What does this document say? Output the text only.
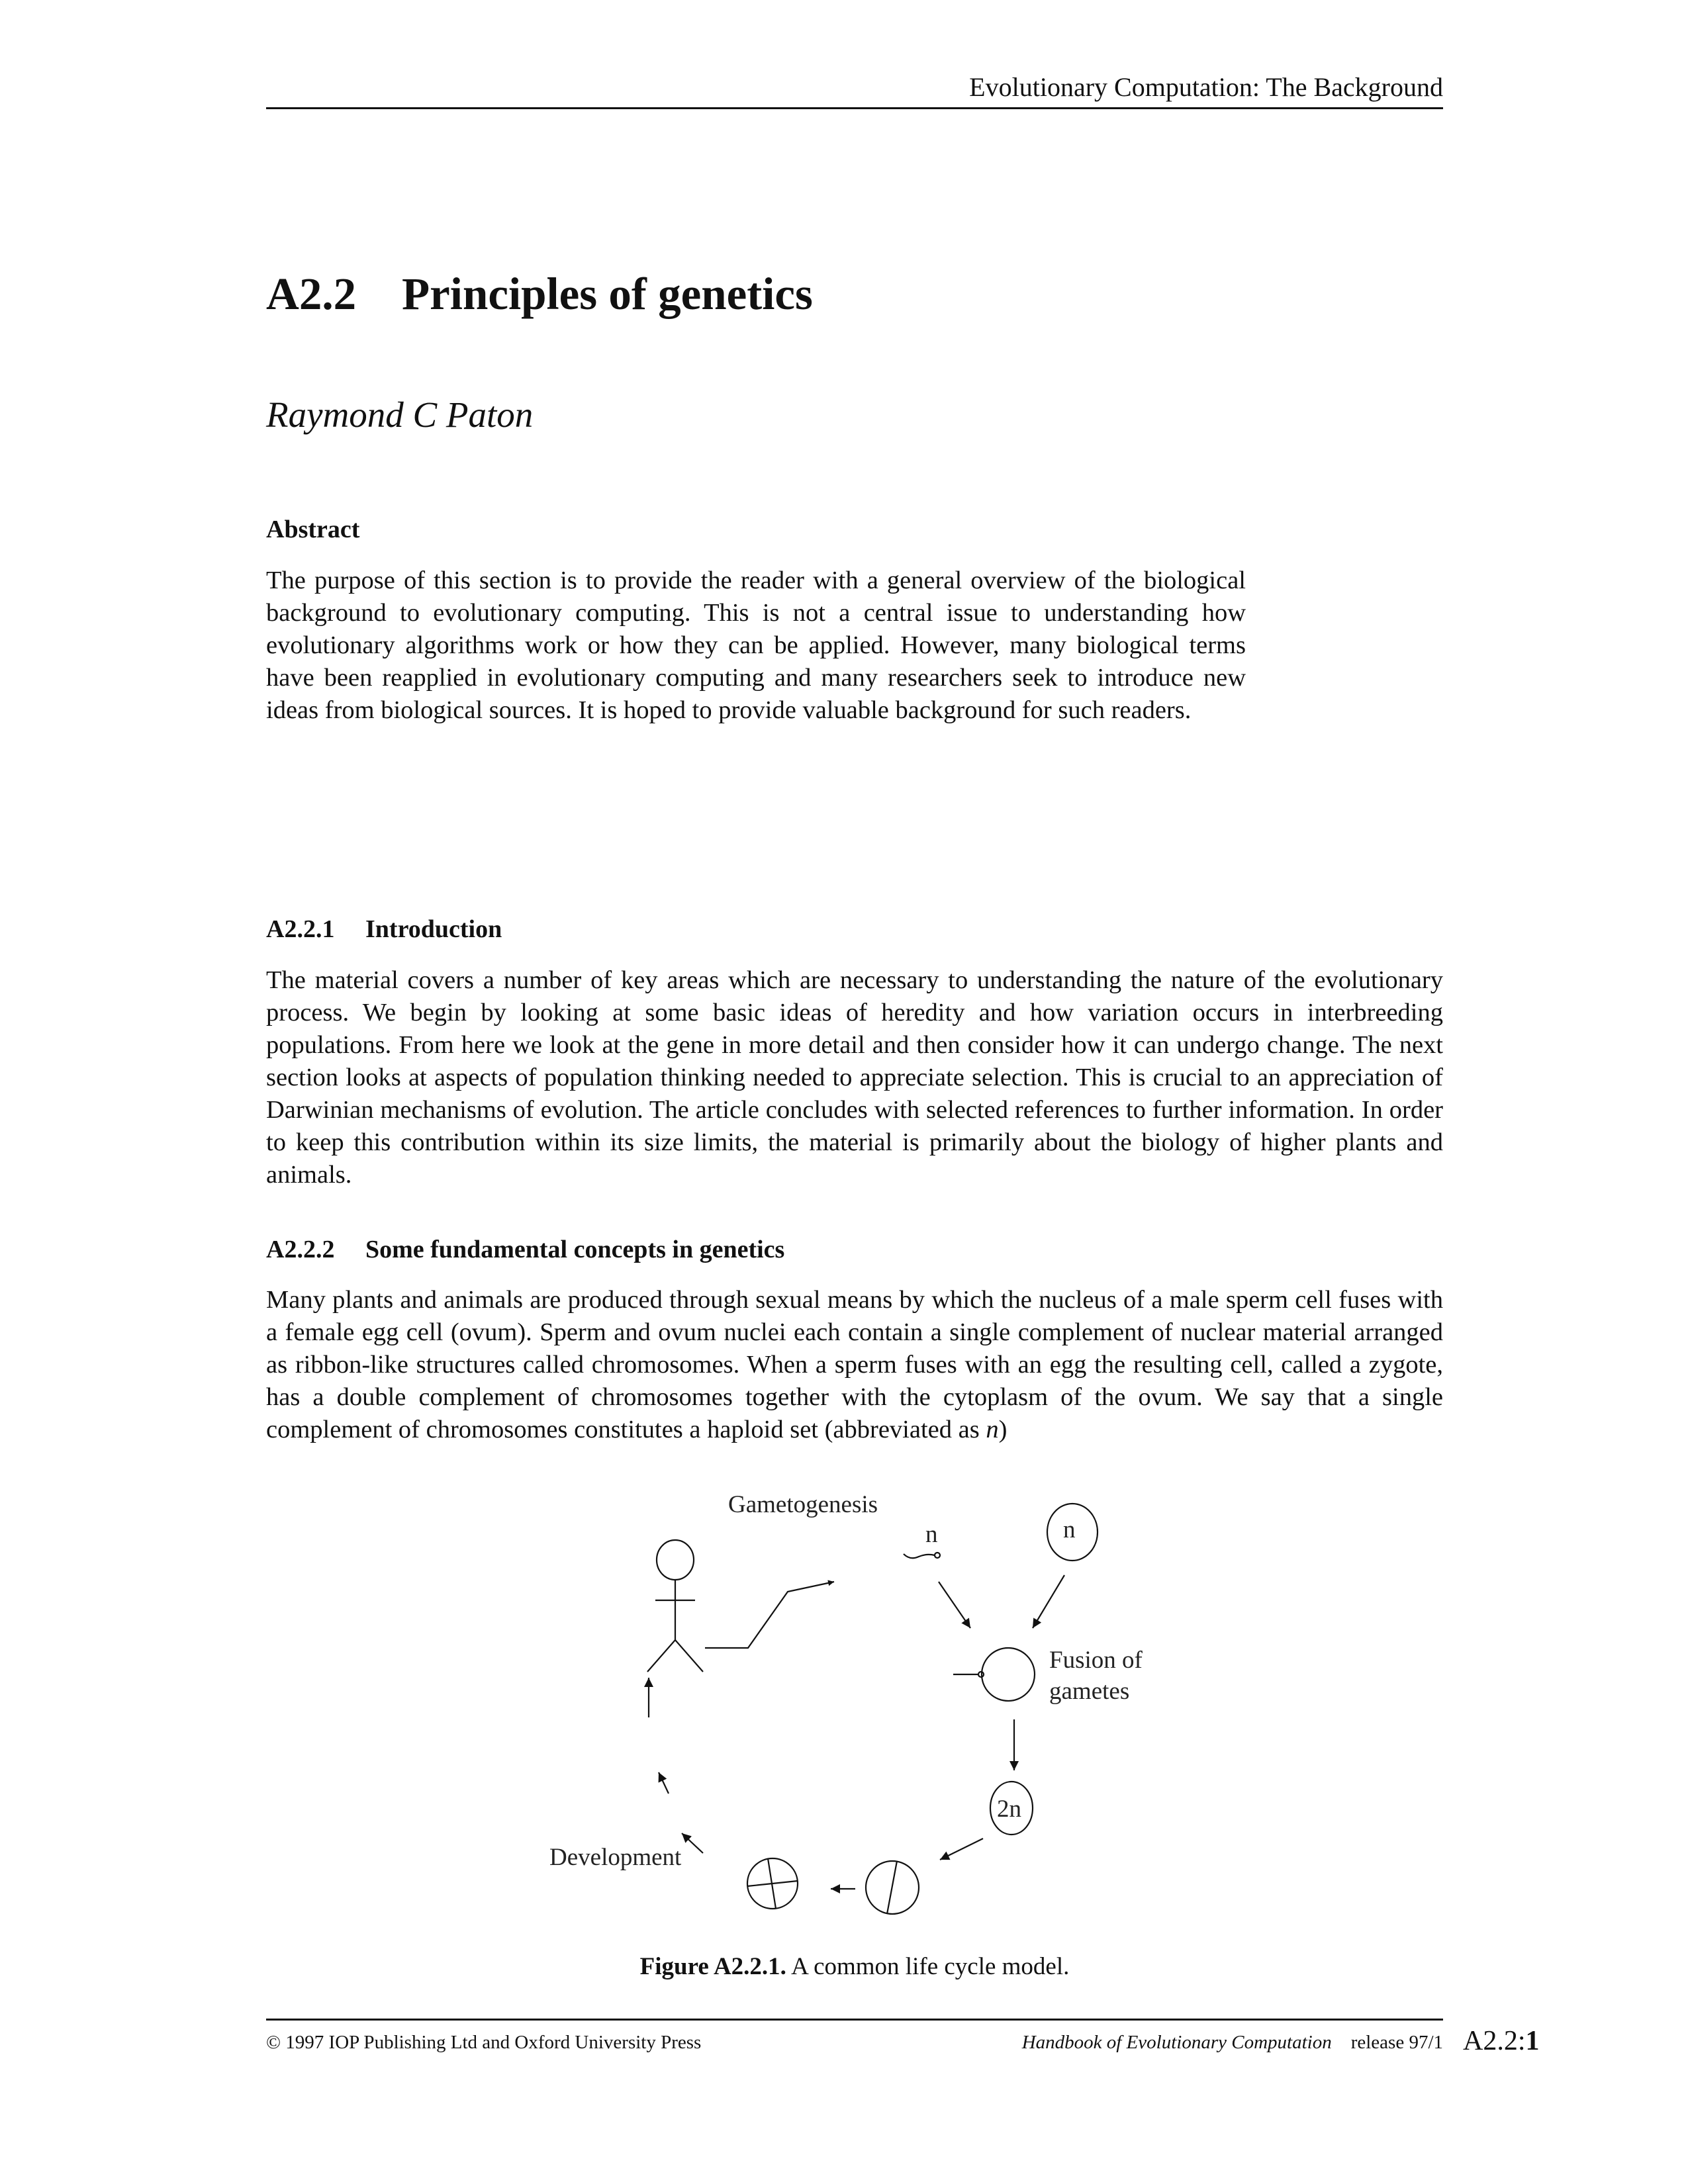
Evolutionary Computation: The Background
A2.2 Principles of genetics
Raymond C Paton
Abstract
The purpose of this section is to provide the reader with a general overview of the biological background to evolutionary computing. This is not a central issue to understanding how evolutionary algorithms work or how they can be applied. However, many biological terms have been reapplied in evolutionary computing and many researchers seek to introduce new ideas from biological sources. It is hoped to provide valuable background for such readers.
A2.2.1 Introduction
The material covers a number of key areas which are necessary to understanding the nature of the evolutionary process. We begin by looking at some basic ideas of heredity and how variation occurs in interbreeding populations. From here we look at the gene in more detail and then consider how it can undergo change. The next section looks at aspects of population thinking needed to appreciate selection. This is crucial to an appreciation of Darwinian mechanisms of evolution. The article concludes with selected references to further information. In order to keep this contribution within its size limits, the material is primarily about the biology of higher plants and animals.
A2.2.2 Some fundamental concepts in genetics
Many plants and animals are produced through sexual means by which the nucleus of a male sperm cell fuses with a female egg cell (ovum). Sperm and ovum nuclei each contain a single complement of nuclear material arranged as ribbon-like structures called chromosomes. When a sperm fuses with an egg the resulting cell, called a zygote, has a double complement of chromosomes together with the cytoplasm of the ovum. We say that a single complement of chromosomes constitutes a haploid set (abbreviated as n)
Gametogenesis
n	n
Fusion of
gametes
2n
Development
Figure A2.2.1. A common life cycle model.
© 1997 IOP Publishing Ltd and Oxford University Press	Handbook of Evolutionary Computation release 97/1 A2.2:1
